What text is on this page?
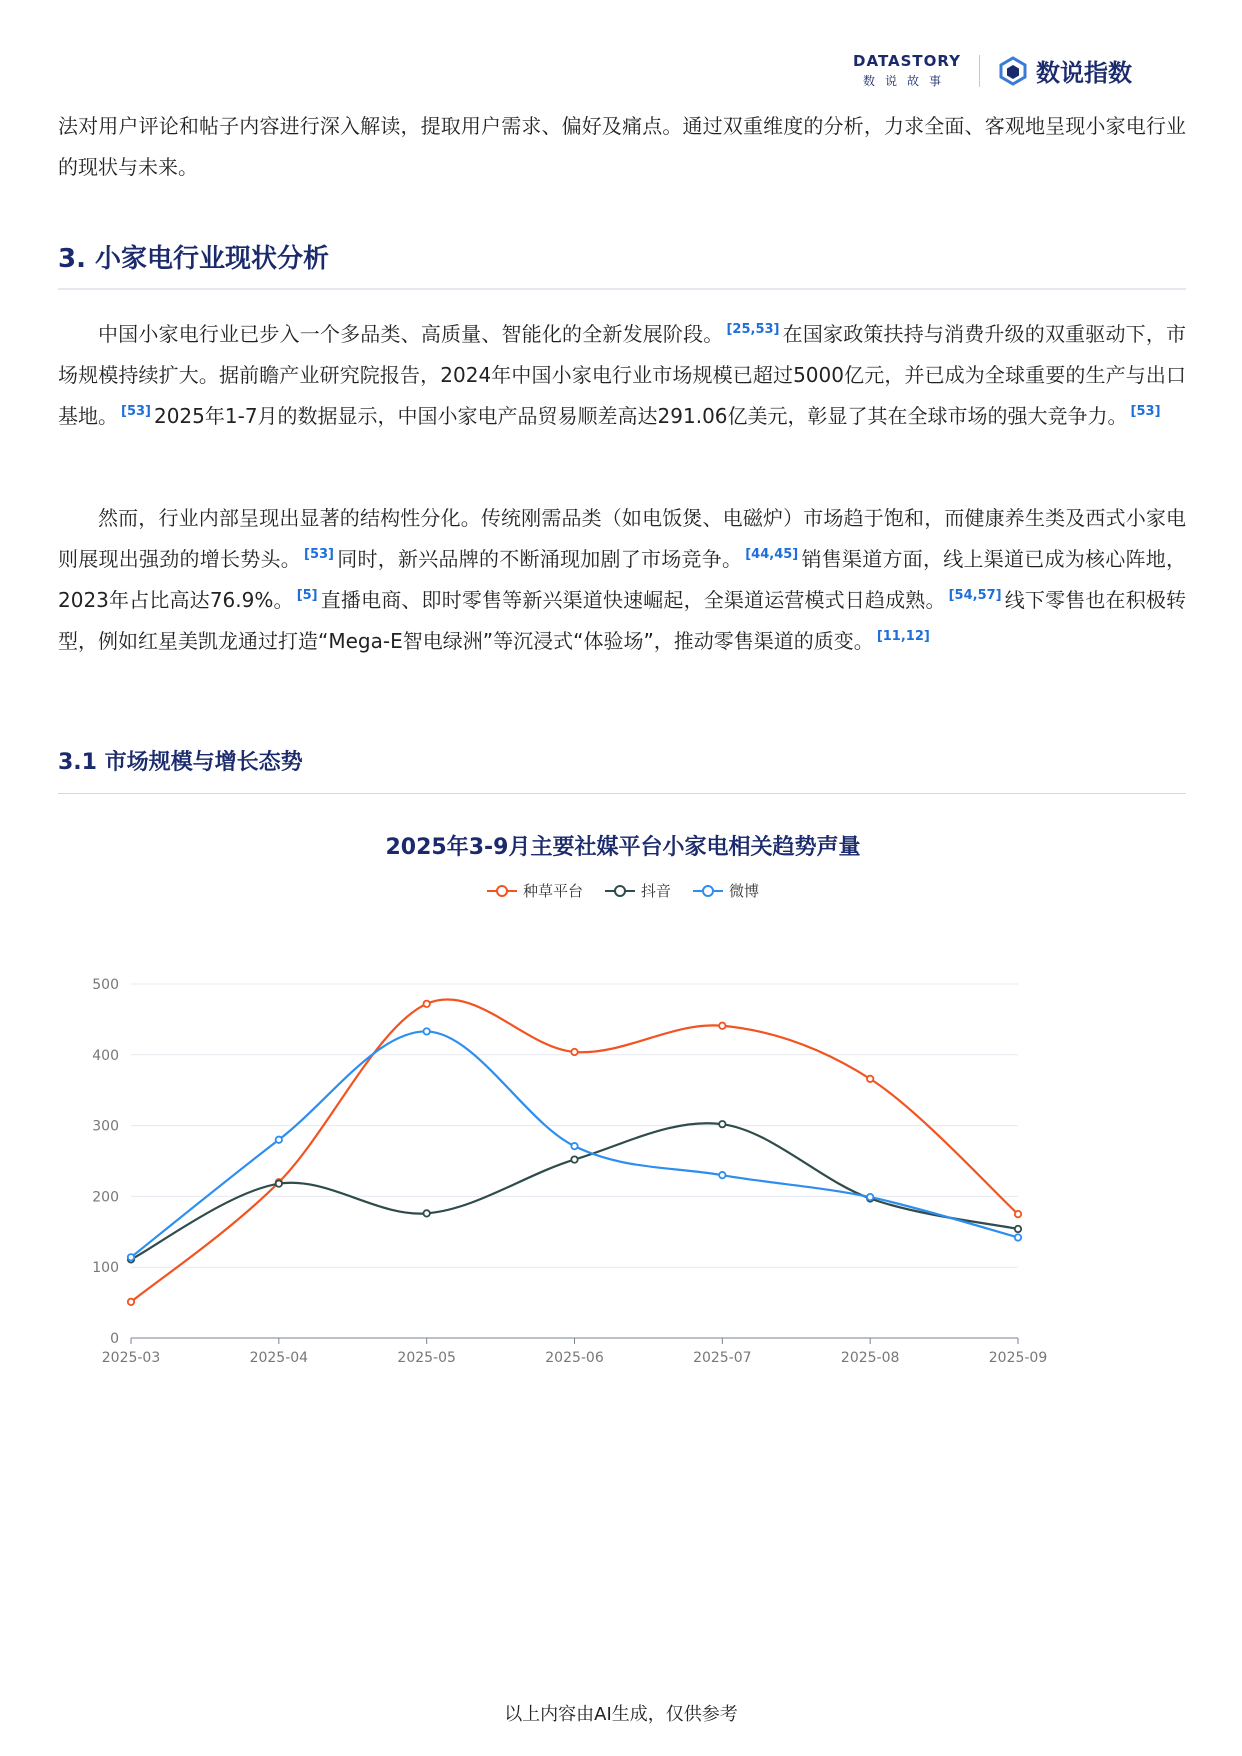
DATASTORY
数说故事	数说指数

法对用户评论和帖子内容进行深入解读，提取用户需求、偏好及痛点。通过双重维度的分析，力求全面、客观地呈现小家电行业的现状与未来。

3. 小家电行业现状分析

中国小家电行业已步入一个多品类、高质量、智能化的全新发展阶段。 [25,53] 在国家政策扶持与消费升级的双重驱动下，市场规模持续扩大。据前瞻产业研究院报告，2024年中国小家电行业市场规模已超过5000亿元，并已成为全球重要的生产与出口基地。 [53] 2025年1-7月的数据显示，中国小家电产品贸易顺差高达291.06亿美元，彰显了其在全球市场的强大竞争力。 [53]

然而，行业内部呈现出显著的结构性分化。传统刚需品类（如电饭煲、电磁炉）市场趋于饱和，而健康养生类及西式小家电则展现出强劲的增长势头。 [53] 同时，新兴品牌的不断涌现加剧了市场竞争。 [44,45] 销售渠道方面，线上渠道已成为核心阵地，2023年占比高达76.9%。 [5] 直播电商、即时零售等新兴渠道快速崛起，全渠道运营模式日趋成熟。 [54,57] 线下零售也在积极转型，例如红星美凯龙通过打造“Mega-E智电绿洲”等沉浸式“体验场”，推动零售渠道的质变。 [11,12]

3.1 市场规模与增长态势
2025年3-9月主要社媒平台小家电相关趋势声量
种草平台	抖音	微博
0
100
200
300
400
500
2025-03	2025-04	2025-05	2025-06	2025-07	2025-08	2025-09
以上内容由AI生成，仅供参考
